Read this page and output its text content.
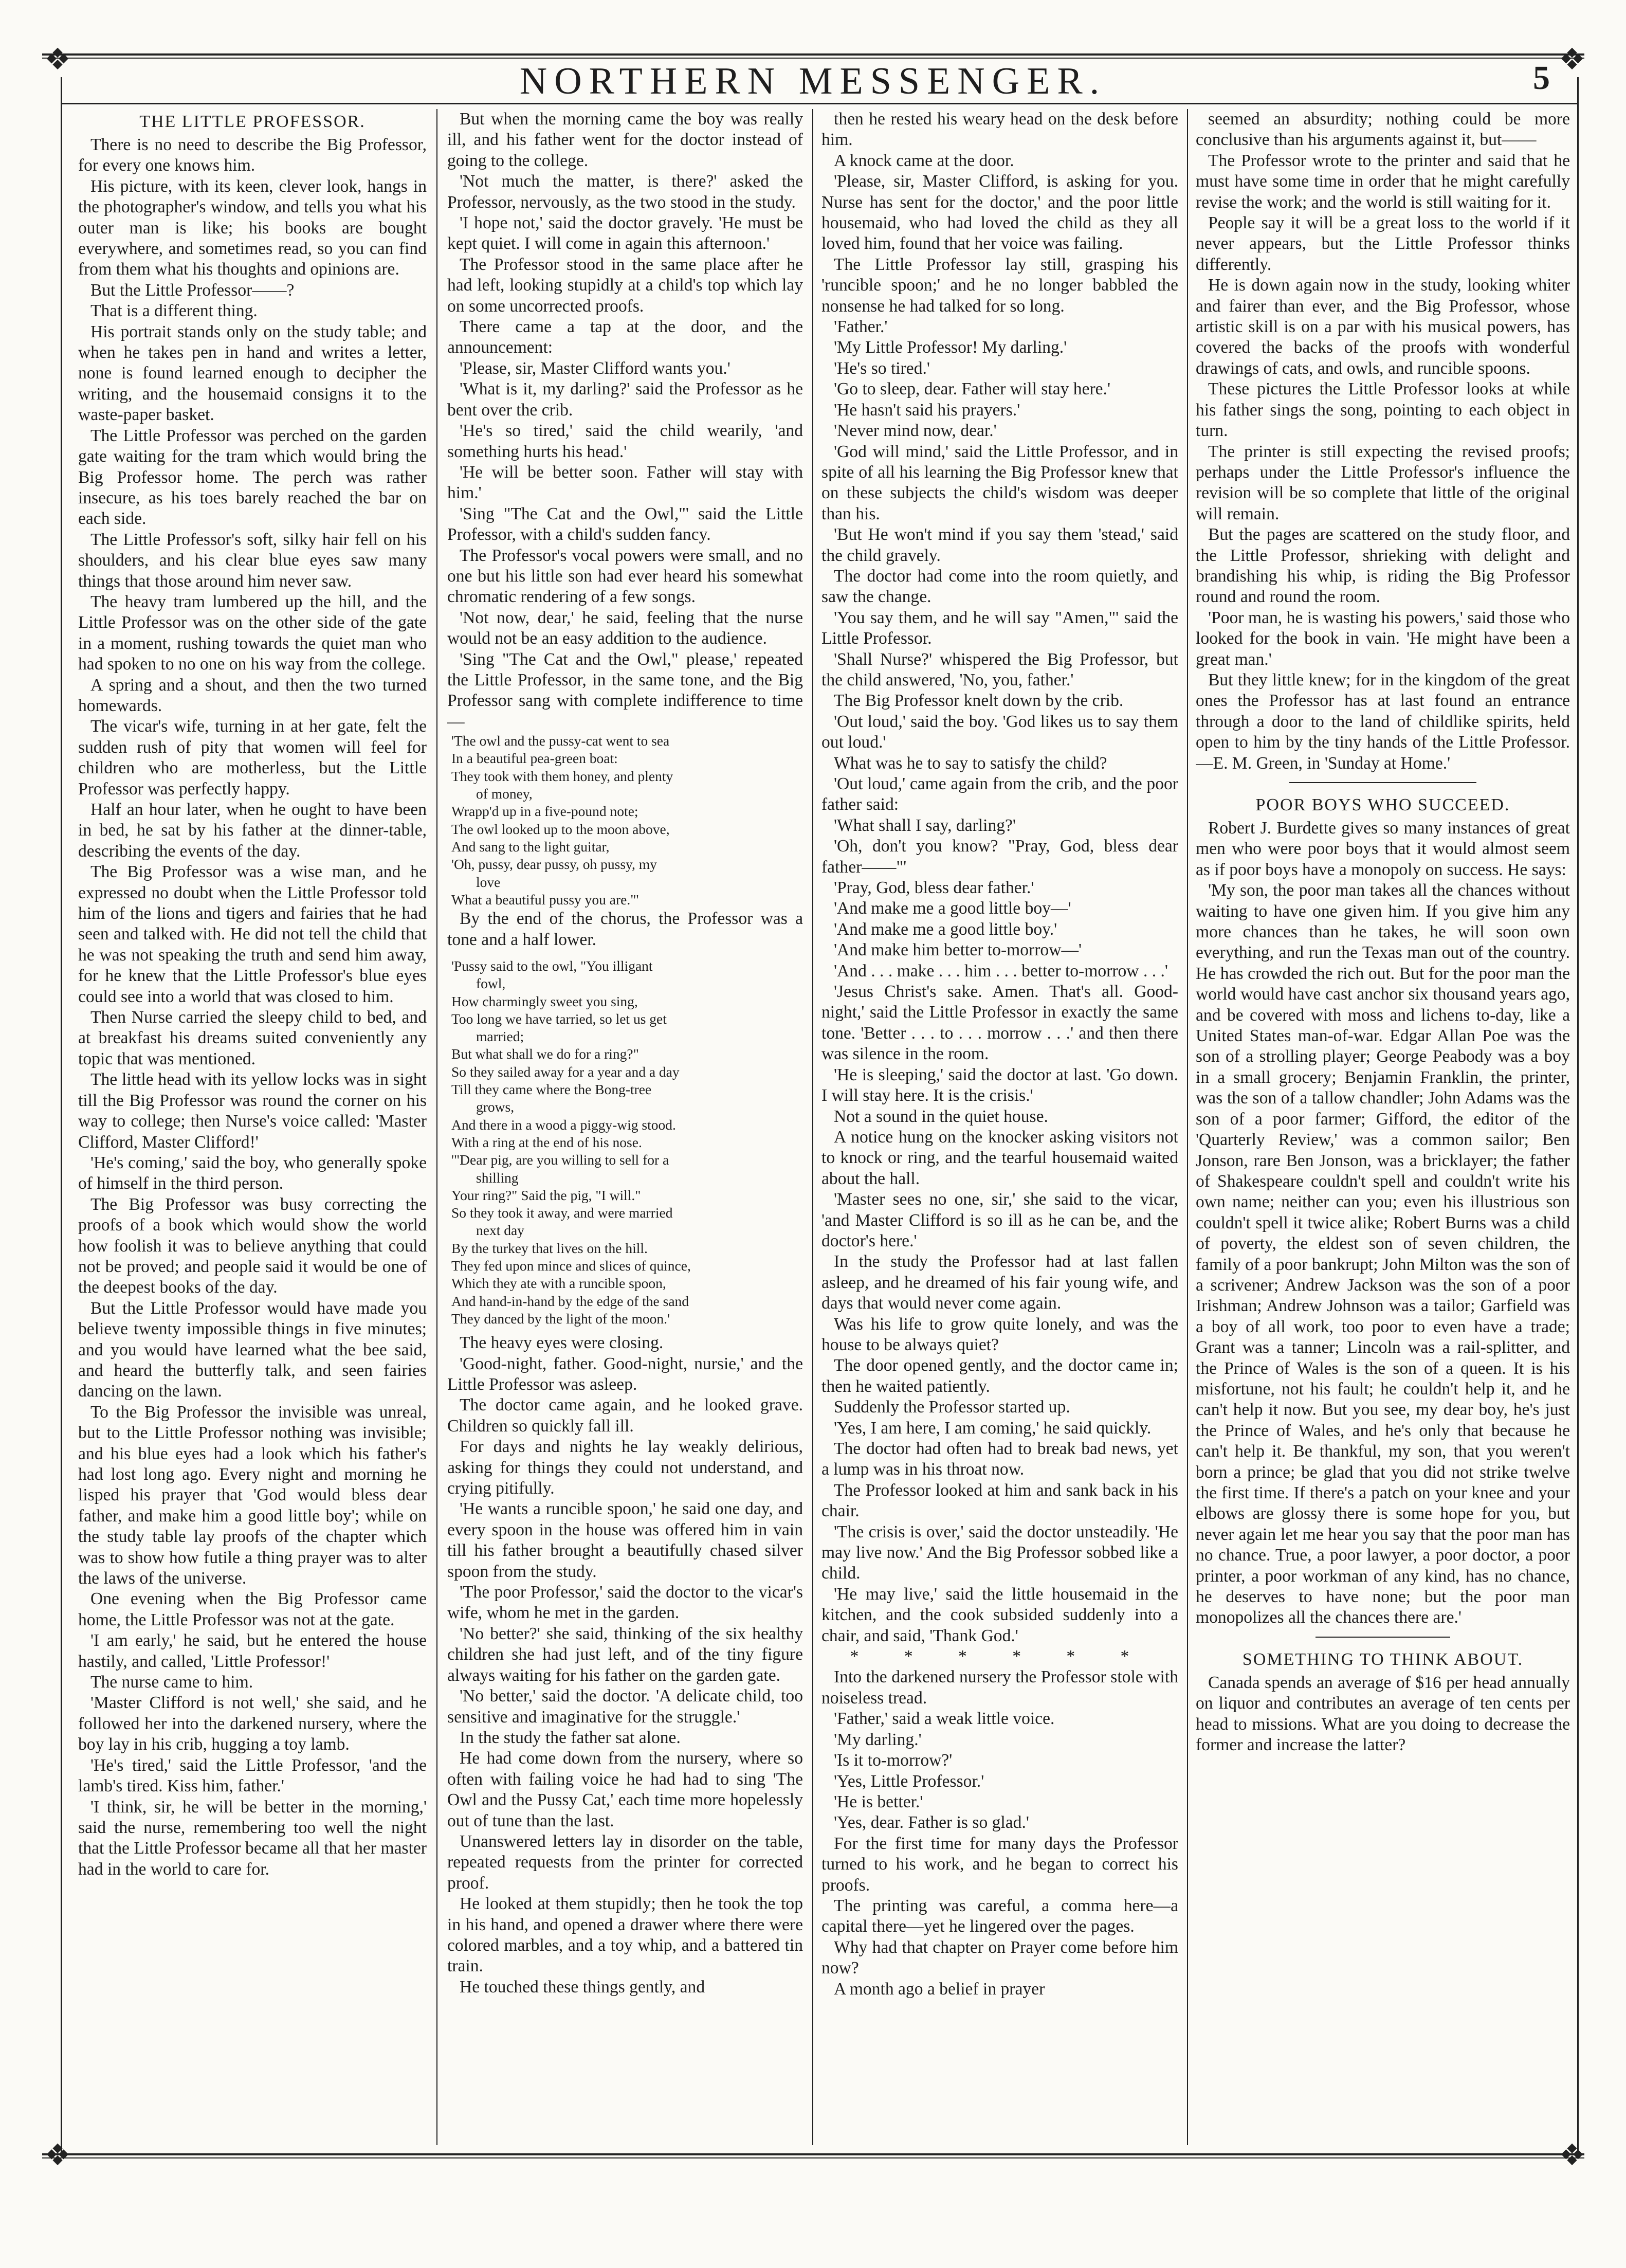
❖	❖
❖	❖
NORTHERN MESSENGER.	5
THE LITTLE PROFESSOR.

There is no need to describe the Big Professor, for every one knows him.

His picture, with its keen, clever look, hangs in the photographer's window, and tells you what his outer man is like; his books are bought everywhere, and sometimes read, so you can find from them what his thoughts and opinions are.

But the Little Professor——?

That is a different thing.

His portrait stands only on the study table; and when he takes pen in hand and writes a letter, none is found learned enough to decipher the writing, and the housemaid consigns it to the waste-paper basket.

The Little Professor was perched on the garden gate waiting for the tram which would bring the Big Professor home. The perch was rather insecure, as his toes barely reached the bar on each side.

The Little Professor's soft, silky hair fell on his shoulders, and his clear blue eyes saw many things that those around him never saw.

The heavy tram lumbered up the hill, and the Little Professor was on the other side of the gate in a moment, rushing towards the quiet man who had spoken to no one on his way from the college.

A spring and a shout, and then the two turned homewards.

The vicar's wife, turning in at her gate, felt the sudden rush of pity that women will feel for children who are motherless, but the Little Professor was perfectly happy.

Half an hour later, when he ought to have been in bed, he sat by his father at the dinner-table, describing the events of the day.

The Big Professor was a wise man, and he expressed no doubt when the Little Professor told him of the lions and tigers and fairies that he had seen and talked with. He did not tell the child that he was not speaking the truth and send him away, for he knew that the Little Professor's blue eyes could see into a world that was closed to him.

Then Nurse carried the sleepy child to bed, and at breakfast his dreams suited conveniently any topic that was mentioned.

The little head with its yellow locks was in sight till the Big Professor was round the corner on his way to college; then Nurse's voice called: 'Master Clifford, Master Clifford!'

'He's coming,' said the boy, who generally spoke of himself in the third person.

The Big Professor was busy correcting the proofs of a book which would show the world how foolish it was to believe anything that could not be proved; and people said it would be one of the deepest books of the day.

But the Little Professor would have made you believe twenty impossible things in five minutes; and you would have learned what the bee said, and heard the butterfly talk, and seen fairies dancing on the lawn.

To the Big Professor the invisible was unreal, but to the Little Professor nothing was invisible; and his blue eyes had a look which his father's had lost long ago. Every night and morning he lisped his prayer that 'God would bless dear father, and make him a good little boy'; while on the study table lay proofs of the chapter which was to show how futile a thing prayer was to alter the laws of the universe.

One evening when the Big Professor came home, the Little Professor was not at the gate.

'I am early,' he said, but he entered the house hastily, and called, 'Little Professor!'

The nurse came to him.

'Master Clifford is not well,' she said, and he followed her into the darkened nursery, where the boy lay in his crib, hugging a toy lamb.

'He's tired,' said the Little Professor, 'and the lamb's tired. Kiss him, father.'

'I think, sir, he will be better in the morning,' said the nurse, remembering too well the night that the Little Professor became all that her master had in the world to care for.

But when the morning came the boy was really ill, and his father went for the doctor instead of going to the college.

'Not much the matter, is there?' asked the Professor, nervously, as the two stood in the study.

'I hope not,' said the doctor gravely. 'He must be kept quiet. I will come in again this afternoon.'

The Professor stood in the same place after he had left, looking stupidly at a child's top which lay on some uncorrected proofs.

There came a tap at the door, and the announcement:

'Please, sir, Master Clifford wants you.'

'What is it, my darling?' said the Professor as he bent over the crib.

'He's so tired,' said the child wearily, 'and something hurts his head.'

'He will be better soon. Father will stay with him.'

'Sing "The Cat and the Owl,"' said the Little Professor, with a child's sudden fancy.

The Professor's vocal powers were small, and no one but his little son had ever heard his somewhat chromatic rendering of a few songs.

'Not now, dear,' he said, feeling that the nurse would not be an easy addition to the audience.

'Sing "The Cat and the Owl," please,' repeated the Little Professor, in the same tone, and the Big Professor sang with complete indifference to time—

'The owl and the pussy-cat went to sea

In a beautiful pea-green boat:

They took with them honey, and plenty

of money,

Wrapp'd up in a five-pound note;

The owl looked up to the moon above,

And sang to the light guitar,

'Oh, pussy, dear pussy, oh pussy, my

love

What a beautiful pussy you are."'

By the end of the chorus, the Professor was a tone and a half lower.

'Pussy said to the owl, "You illigant

fowl,

How charmingly sweet you sing,

Too long we have tarried, so let us get

married;

But what shall we do for a ring?"

So they sailed away for a year and a day

Till they came where the Bong-tree

grows,

And there in a wood a piggy-wig stood.

With a ring at the end of his nose.

'"Dear pig, are you willing to sell for a

shilling

Your ring?" Said the pig, "I will."

So they took it away, and were married

next day

By the turkey that lives on the hill.

They fed upon mince and slices of quince,

Which they ate with a runcible spoon,

And hand-in-hand by the edge of the sand

They danced by the light of the moon.'

The heavy eyes were closing.

'Good-night, father. Good-night, nursie,' and the Little Professor was asleep.

The doctor came again, and he looked grave. Children so quickly fall ill.

For days and nights he lay weakly delirious, asking for things they could not understand, and crying pitifully.

'He wants a runcible spoon,' he said one day, and every spoon in the house was offered him in vain till his father brought a beautifully chased silver spoon from the study.

'The poor Professor,' said the doctor to the vicar's wife, whom he met in the garden.

'No better?' she said, thinking of the six healthy children she had just left, and of the tiny figure always waiting for his father on the garden gate.

'No better,' said the doctor. 'A delicate child, too sensitive and imaginative for the struggle.'

In the study the father sat alone.

He had come down from the nursery, where so often with failing voice he had had to sing 'The Owl and the Pussy Cat,' each time more hopelessly out of tune than the last.

Unanswered letters lay in disorder on the table, repeated requests from the printer for corrected proof.

He looked at them stupidly; then he took the top in his hand, and opened a drawer where there were colored marbles, and a toy whip, and a battered tin train.

He touched these things gently, and

then he rested his weary head on the desk before him.

A knock came at the door.

'Please, sir, Master Clifford, is asking for you. Nurse has sent for the doctor,' and the poor little housemaid, who had loved the child as they all loved him, found that her voice was failing.

The Little Professor lay still, grasping his 'runcible spoon;' and he no longer babbled the nonsense he had talked for so long.

'Father.'

'My Little Professor! My darling.'

'He's so tired.'

'Go to sleep, dear. Father will stay here.'

'He hasn't said his prayers.'

'Never mind now, dear.'

'God will mind,' said the Little Professor, and in spite of all his learning the Big Professor knew that on these subjects the child's wisdom was deeper than his.

'But He won't mind if you say them 'stead,' said the child gravely.

The doctor had come into the room quietly, and saw the change.

'You say them, and he will say "Amen,"' said the Little Professor.

'Shall Nurse?' whispered the Big Professor, but the child answered, 'No, you, father.'

The Big Professor knelt down by the crib.

'Out loud,' said the boy. 'God likes us to say them out loud.'

What was he to say to satisfy the child?

'Out loud,' came again from the crib, and the poor father said:

'What shall I say, darling?'

'Oh, don't you know? "Pray, God, bless dear father——"'

'Pray, God, bless dear father.'

'And make me a good little boy—'

'And make me a good little boy.'

'And make him better to-morrow—'

'And . . . make . . . him . . . better to-morrow . . .'

'Jesus Christ's sake. Amen. That's all. Good-night,' said the Little Professor in exactly the same tone. 'Better . . . to . . . morrow . . .' and then there was silence in the room.

'He is sleeping,' said the doctor at last. 'Go down. I will stay here. It is the crisis.'

Not a sound in the quiet house.

A notice hung on the knocker asking visitors not to knock or ring, and the tearful housemaid waited about the hall.

'Master sees no one, sir,' she said to the vicar, 'and Master Clifford is so ill as he can be, and the doctor's here.'

In the study the Professor had at last fallen asleep, and he dreamed of his fair young wife, and days that would never come again.

Was his life to grow quite lonely, and was the house to be always quiet?

The door opened gently, and the doctor came in; then he waited patiently.

Suddenly the Professor started up.

'Yes, I am here, I am coming,' he said quickly.

The doctor had often had to break bad news, yet a lump was in his throat now.

The Professor looked at him and sank back in his chair.

'The crisis is over,' said the doctor unsteadily. 'He may live now.' And the Big Professor sobbed like a child.

'He may live,' said the little housemaid in the kitchen, and the cook subsided suddenly into a chair, and said, 'Thank God.'

* * * * * *

Into the darkened nursery the Professor stole with noiseless tread.

'Father,' said a weak little voice.

'My darling.'

'Is it to-morrow?'

'Yes, Little Professor.'

'He is better.'

'Yes, dear. Father is so glad.'

For the first time for many days the Professor turned to his work, and he began to correct his proofs.

The printing was careful, a comma here—a capital there—yet he lingered over the pages.

Why had that chapter on Prayer come before him now?

A month ago a belief in prayer

seemed an absurdity; nothing could be more conclusive than his arguments against it, but——

The Professor wrote to the printer and said that he must have some time in order that he might carefully revise the work; and the world is still waiting for it.

People say it will be a great loss to the world if it never appears, but the Little Professor thinks differently.

He is down again now in the study, looking whiter and fairer than ever, and the Big Professor, whose artistic skill is on a par with his musical powers, has covered the backs of the proofs with wonderful drawings of cats, and owls, and runcible spoons.

These pictures the Little Professor looks at while his father sings the song, pointing to each object in turn.

The printer is still expecting the revised proofs; perhaps under the Little Professor's influence the revision will be so complete that little of the original will remain.

But the pages are scattered on the study floor, and the Little Professor, shrieking with delight and brandishing his whip, is riding the Big Professor round and round the room.

'Poor man, he is wasting his powers,' said those who looked for the book in vain. 'He might have been a great man.'

But they little knew; for in the kingdom of the great ones the Professor has at last found an entrance through a door to the land of childlike spirits, held open to him by the tiny hands of the Little Professor.—E. M. Green, in 'Sunday at Home.'

POOR BOYS WHO SUCCEED.

Robert J. Burdette gives so many instances of great men who were poor boys that it would almost seem as if poor boys have a monopoly on success. He says:

'My son, the poor man takes all the chances without waiting to have one given him. If you give him any more chances than he takes, he will soon own everything, and run the Texas man out of the country. He has crowded the rich out. But for the poor man the world would have cast anchor six thousand years ago, and be covered with moss and lichens to-day, like a United States man-of-war. Edgar Allan Poe was the son of a strolling player; George Peabody was a boy in a small grocery; Benjamin Franklin, the printer, was the son of a tallow chandler; John Adams was the son of a poor farmer; Gifford, the editor of the 'Quarterly Review,' was a common sailor; Ben Jonson, rare Ben Jonson, was a bricklayer; the father of Shakespeare couldn't spell and couldn't write his own name; neither can you; even his illustrious son couldn't spell it twice alike; Robert Burns was a child of poverty, the eldest son of seven children, the family of a poor bankrupt; John Milton was the son of a scrivener; Andrew Jackson was the son of a poor Irishman; Andrew Johnson was a tailor; Garfield was a boy of all work, too poor to even have a trade; Grant was a tanner; Lincoln was a rail-splitter, and the Prince of Wales is the son of a queen. It is his misfortune, not his fault; he couldn't help it, and he can't help it now. But you see, my dear boy, he's just the Prince of Wales, and he's only that because he can't help it. Be thankful, my son, that you weren't born a prince; be glad that you did not strike twelve the first time. If there's a patch on your knee and your elbows are glossy there is some hope for you, but never again let me hear you say that the poor man has no chance. True, a poor lawyer, a poor doctor, a poor printer, a poor workman of any kind, has no chance, he deserves to have none; but the poor man monopolizes all the chances there are.'

SOMETHING TO THINK ABOUT.

Canada spends an average of $16 per head annually on liquor and contributes an average of ten cents per head to missions. What are you doing to decrease the former and increase the latter?
